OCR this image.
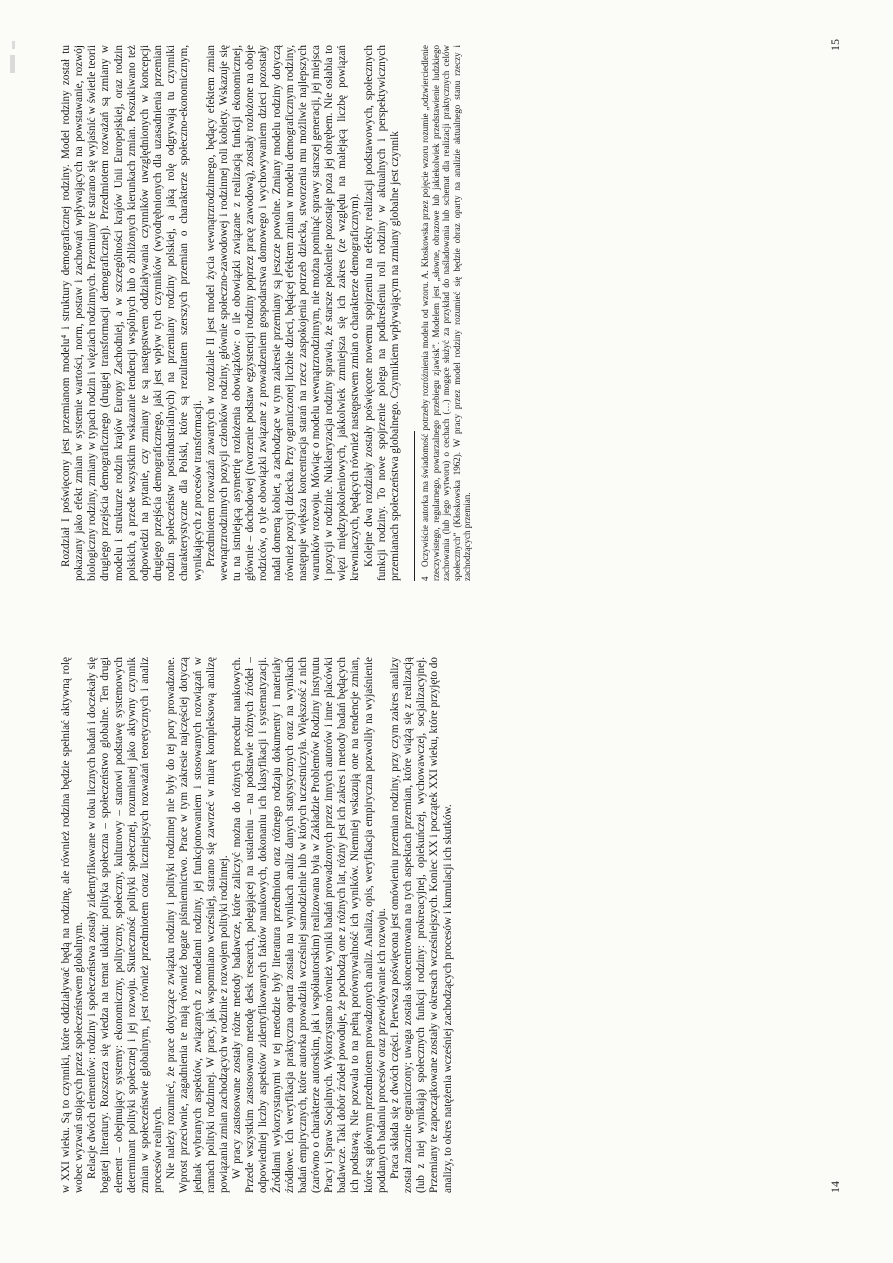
w XXI wieku. Są to czynniki, które oddziaływać będą na rodzinę, ale również rodzina będzie spełniać aktywną rolę wobec wyzwań stojących przez społeczeństwem globalnym. Relacje dwóch elementów: rodziny i społeczeństwa zostały zidentyfikowane w toku licznych badań i doczekały się bogatej literatury. Rozszerza się wiedza na temat układu: polityka społeczna – społeczeństwo globalne. Ten drugi element – obejmujący systemy: ekonomiczny, polityczny, społeczny, kulturowy – stanowi podstawę systemowych determinant polityki społecznej i jej rozwoju. Skuteczność polityki społecznej, rozumianej jako aktywny czynnik zmian w społeczeństwie globalnym, jest również przedmiotem coraz liczniejszych rozważań teoretycznych i analiz procesów realnych. Nie należy rozumieć, że prace dotyczące związku rodziny i polityki rodzinnej nie były do tej pory prowadzone. Wprost przeciwnie, zagadnienia te mają również bogate piśmiennictwo. Prace w tym zakresie najczęściej dotyczą jednak wybranych aspektów, związanych z modelami rodziny, jej funkcjonowaniem i stosowanych rozwiązań w ramach polityki rodzinnej. W pracy, jak wspomniano wcześniej, starano się zawrzeć w miarę kompleksową analizę powiązania zmian zachodzących w rodzinie z rozwojem polityki rodzinnej. W pracy zastosowane zostały różne metody badawcze, które zaliczyć można do różnych procedur naukowych. Przede wszystkim zastosowano metodę desk research, polegającej na ustaleniu – na podstawie różnych źródeł – odpowiedniej liczby aspektów zidentyfikowanych faktów naukowych, dokonaniu ich klasyfikacji i systematyzacji. Źródłami wykorzystanymi w tej metodzie były literatura przedmiotu oraz różnego rodzaju dokumenty i materiały źródłowe. Ich weryfikacja praktyczna oparta została na wynikach analiz danych statystycznych oraz na wynikach badań empirycznych, które autorka prowadziła wcześniej samodzielnie lub w których uczestniczyła. Większość z nich (zarówno o charakterze autorskim, jak i współautorskim) realizowana była w Zakładzie Problemów Rodziny Instytutu Pracy i Spraw Socjalnych. Wykorzystano również wyniki badań prowadzonych przez innych autorów i inne placówki badawcze. Taki dobór źródeł powoduje, że pochodzą one z różnych lat, różny jest ich zakres i metody badań będących ich podstawą. Nie pozwala to na pełną porównywalność ich wyników. Niemniej wskazują one na tendencje zmian, które są głównym przedmiotem prowadzonych analiz. Analiza, opis, weryfikacja empiryczna pozwoliły na wyjaśnienie poddanych badaniu procesów oraz przewidywanie ich rozwoju. Praca składa się z dwóch części. Pierwsza poświęcona jest omówieniu przemian rodziny, przy czym zakres analizy został znacznie ograniczony; uwaga została skoncentrowana na tych aspektach przemian, które wiążą się z realizacją (lub z niej wynikają) społecznych funkcji rodziny: prokreacyjnej, opiekuńczej, wychowawczej, socjalizacyjnej. Przemiany te zapoczątkowane zostały w okresach wcześniejszych. Koniec XX i początek XXI wieku, które przyjęto do analizy, to okres natężenia wcześniej zachodzących procesów i kumulacji ich skutków.	14

Rozdział I poświęcony jest przemianom modelu⁴ i struktury demograficznej rodziny. Model rodziny został tu pokazany jako efekt zmian w systemie wartości, norm, postaw i zachowań wpływających na powstawanie, rozwój biologiczny rodziny, zmiany w typach rodzin i więziach rodzinnych. Przemiany te starano się wyjaśnić w świetle teorii drugiego przejścia demograficznego (drugiej transformacji demograficznej). Przedmiotem rozważań są zmiany w modelu i strukturze rodzin krajów Europy Zachodniej, a w szczególności krajów Unii Europejskiej, oraz rodzin polskich, a przede wszystkim wskazanie tendencji wspólnych lub o zbliżonych kierunkach zmian. Poszukiwano też odpowiedzi na pytanie, czy zmiany te są następstwem oddziaływania czynników uwzględnionych w koncepcji drugiego przejścia demograficznego, jaki jest wpływ tych czynników (wyodrębnionych dla uzasadnienia przemian rodzin społeczeństw postindustrialnych) na przemiany rodziny polskiej, a jaką rolę odgrywają tu czynniki charakterystyczne dla Polski, które są rezultatem szerszych przemian o charakterze społeczno-ekonomicznym, wynikających z procesów transformacji. Przedmiotem rozważań zawartych w rozdziale II jest model życia wewnątrzrodzinnego, będący efektem zmian wewnątrzrodzinnych pozycji członków rodziny, głównie społeczno-zawodowej i rodzinnej roli kobiety. Wskazuje się tu na istniejącą asymetrię rozłożenia obowiązków: o ile obowiązki związane z realizacją funkcji ekonomicznej, głównie – dochodowej (tworzenie podstaw egzystencji rodziny poprzez pracę zawodową), zostały rozłożone na oboje rodziców, o tyle obowiązki związane z prowadzeniem gospodarstwa domowego i wychowywaniem dzieci pozostały nadal domeną kobiet, a zachodzące w tym zakresie przemiany są jeszcze powolne. Zmiany modelu rodziny dotyczą również pozycji dziecka. Przy ograniczonej liczbie dzieci, będącej efektem zmian w modelu demograficznym rodziny, następuje większa koncentracja starań na rzecz zaspokojenia potrzeb dziecka, stworzenia mu możliwie najlepszych warunków rozwoju. Mówiąc o modelu wewnątrzrodzinnym, nie można pominąć sprawy starszej generacji, jej miejsca i pozycji w rodzinie. Nuklearyzacja rodziny sprawia, że starsze pokolenie pozostaje poza jej obrębem. Nie osłabia to więzi międzypokoleniowych, jakkolwiek zmniejsza się ich zakres (ze względu na malejącą liczbę powiązań krewniaczych, będących również następstwem zmian o charakterze demograficznym). Kolejne dwa rozdziały zostały poświęcone nowemu spojrzeniu na efekty realizacji podstawowych, społecznych funkcji rodziny. To nowe spojrzenie polega na podkreśleniu roli rodziny w aktualnych i perspektywicznych przemianach społeczeństwa globalnego. Czynnikiem wpływającym na zmiany globalne jest czynnik 4Oczywiście autorka ma świadomość potrzeby rozróżnienia modelu od wzoru. A. Kłoskowska przez pojęcie wzoru rozumie „odzwierciedlenie rzeczywistego, regularnego, powtarzalnego przebiegu zjawisk”. Modelem jest „słowne, obrazowe lub jakiekolwiek przedstawienie ludzkiego zachowania (lub jego wytworu) o cechach (…) mogące służyć za przykład do naśladowania lub schemat dla realizacji praktycznych celów społecznych” (Kłoskowska 1962). W pracy przez model rodziny rozumieć się będzie obraz oparty na analizie aktualnego stanu rzeczy i zachodzących przemian.
15
